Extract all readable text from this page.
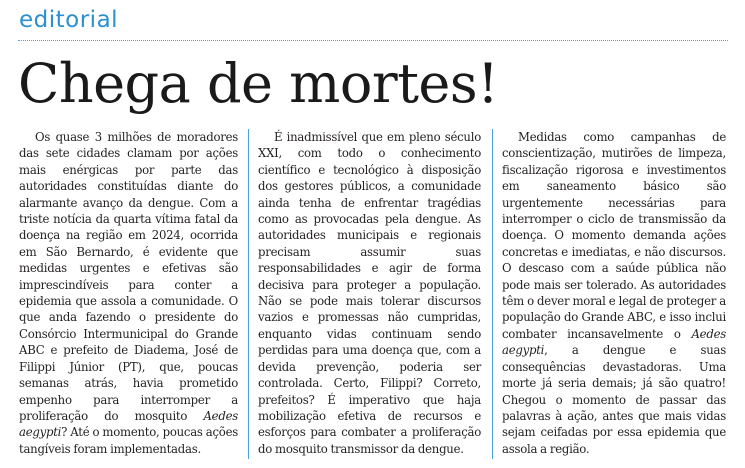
editorial
Chega de mortes!

Os quase 3 milhões de moradores das sete cidades clamam por ações mais enérgicas por parte das autoridades constituídas diante do alarmante avanço da dengue. Com a triste notícia da quarta vítima fatal da doença na região em 2024, ocorrida em São Bernardo, é evidente que medidas urgentes e efetivas são imprescindíveis para conter a epidemia que assola a comunidade. O que anda fazendo o presidente do Consórcio Intermunicipal do Grande ABC e prefeito de Diadema, José de Filippi Júnior (PT), que, poucas semanas atrás, havia prometido empenho para interromper a proliferação do mosquito Aedes aegypti? Até o momento, poucas ações tangíveis foram implementadas.

É inadmissível que em pleno século XXI, com todo o conhecimento científico e tecnológico à disposição dos gestores públicos, a comunidade ainda tenha de enfrentar tragédias como as provocadas pela dengue. As autoridades municipais e regionais precisam assumir suas responsabilidades e agir de forma decisiva para proteger a população. Não se pode mais tolerar discursos vazios e promessas não cumpridas, enquanto vidas continuam sendo perdidas para uma doença que, com a devida prevenção, poderia ser controlada. Certo, Filippi? Correto, prefeitos? É imperativo que haja mobilização efetiva de recursos e esforços para combater a proliferação do mosquito transmissor da dengue.

Medidas como campanhas de conscientização, mutirões de limpeza, fiscalização rigorosa e investimentos em saneamento básico são urgentemente necessárias para interromper o ciclo de transmissão da doença. O momento demanda ações concretas e imediatas, e não discursos. O descaso com a saúde pública não pode mais ser tolerado. As autoridades têm o dever moral e legal de proteger a população do Grande ABC, e isso inclui combater incansavelmente o Aedes aegypti, a dengue e suas consequências devastadoras. Uma morte já seria demais; já são quatro! Chegou o momento de passar das palavras à ação, antes que mais vidas sejam ceifadas por essa epidemia que assola a região.
